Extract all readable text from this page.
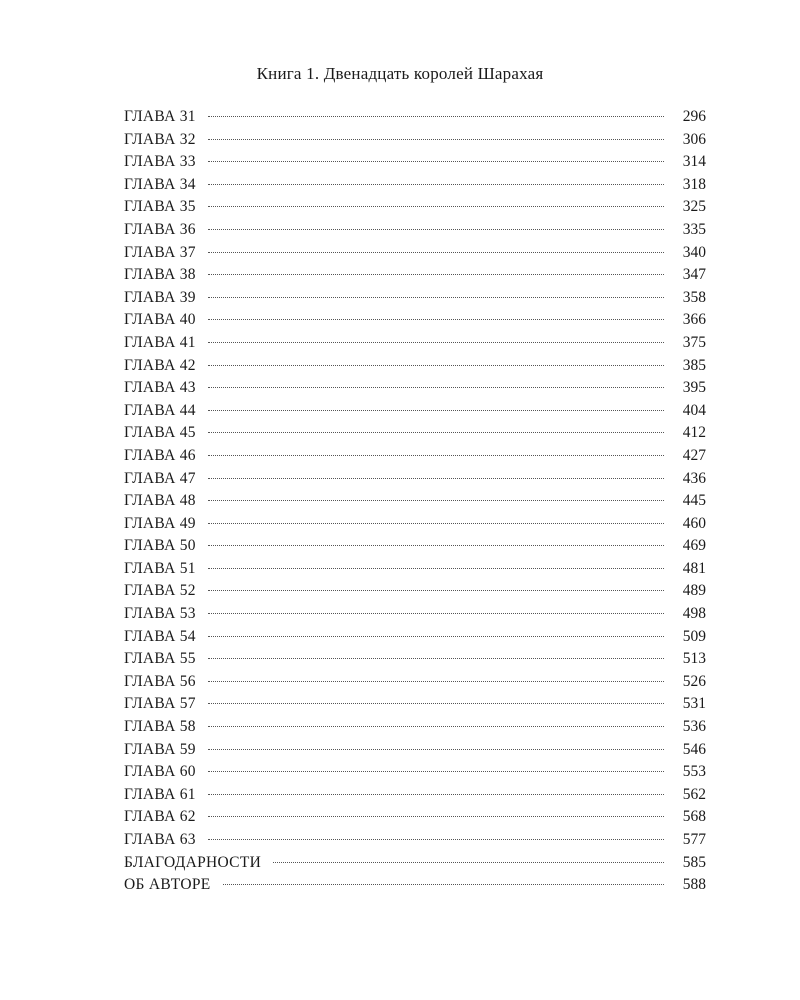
Книга 1. Двенадцать королей Шарахая
ГЛАВА 31	296
ГЛАВА 32	306
ГЛАВА 33	314
ГЛАВА 34	318
ГЛАВА 35	325
ГЛАВА 36	335
ГЛАВА 37	340
ГЛАВА 38	347
ГЛАВА 39	358
ГЛАВА 40	366
ГЛАВА 41	375
ГЛАВА 42	385
ГЛАВА 43	395
ГЛАВА 44	404
ГЛАВА 45	412
ГЛАВА 46	427
ГЛАВА 47	436
ГЛАВА 48	445
ГЛАВА 49	460
ГЛАВА 50	469
ГЛАВА 51	481
ГЛАВА 52	489
ГЛАВА 53	498
ГЛАВА 54	509
ГЛАВА 55	513
ГЛАВА 56	526
ГЛАВА 57	531
ГЛАВА 58	536
ГЛАВА 59	546
ГЛАВА 60	553
ГЛАВА 61	562
ГЛАВА 62	568
ГЛАВА 63	577
БЛАГОДАРНОСТИ	585
ОБ АВТОРЕ	588
